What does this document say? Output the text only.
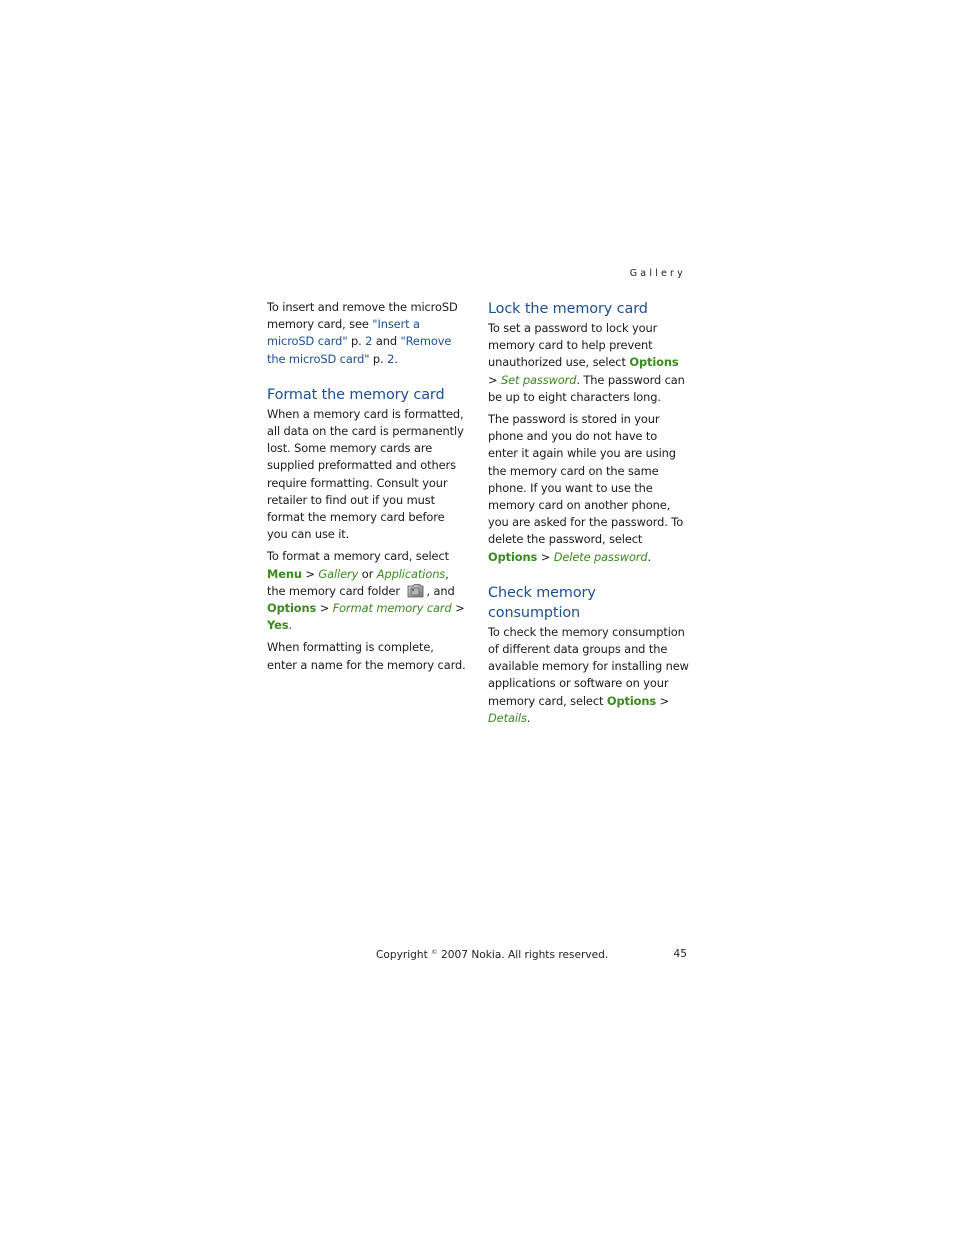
Gallery

To insert and remove the microSD memory card, see "Insert a microSD card" p. 2 and "Remove the microSD card" p. 2.

Format the memory card

When a memory card is formatted, all data on the card is permanently lost. Some memory cards are supplied preformatted and others require formatting. Consult your retailer to find out if you must format the memory card before you can use it.

To format a memory card, select Menu > Gallery or Applications, the memory card folder , and Options > Format memory card > Yes.

When formatting is complete, enter a name for the memory card.

Lock the memory card

To set a password to lock your memory card to help prevent unauthorized use, select Options > Set password. The password can be up to eight characters long.

The password is stored in your phone and you do not have to enter it again while you are using the memory card on the same phone. If you want to use the memory card on another phone, you are asked for the password. To delete the password, select Options > Delete password.

Check memory consumption

To check the memory consumption of different data groups and the available memory for installing new applications or software on your memory card, select Options > Details.

Copyright © 2007 Nokia. All rights reserved.	45
